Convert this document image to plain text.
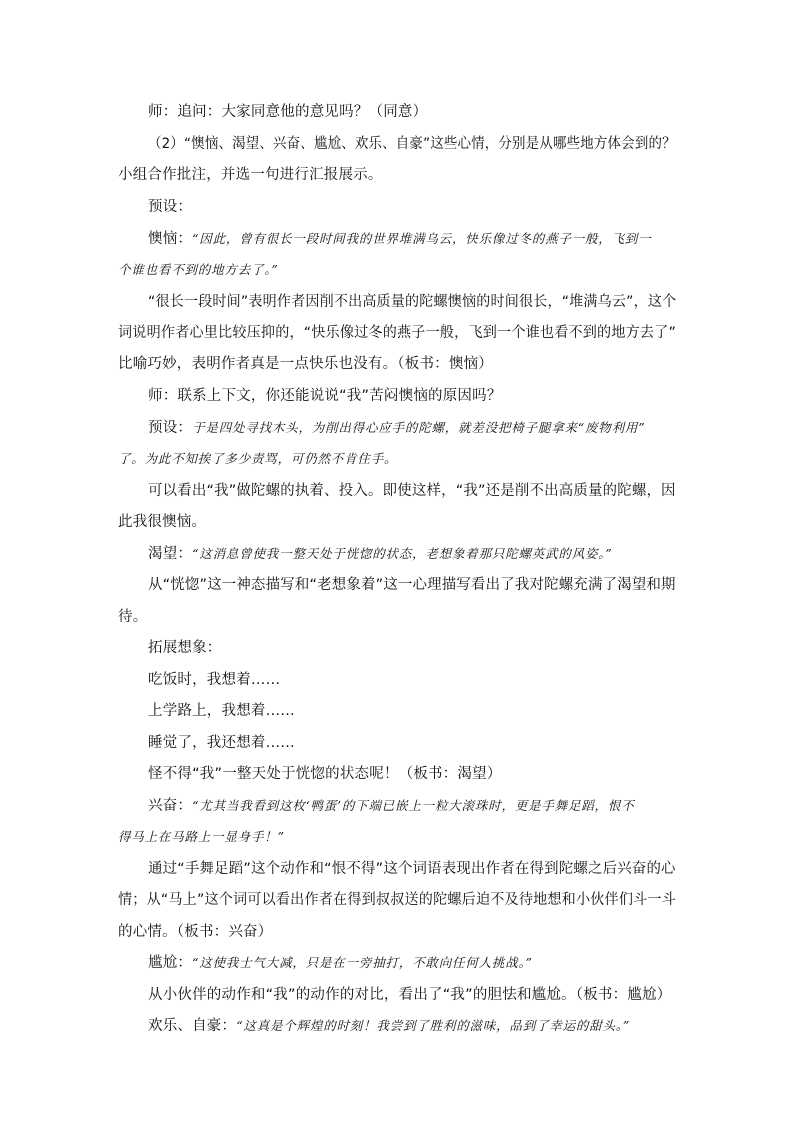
师：追问：大家同意他的意见吗？（同意）
（2）“懊恼、渴望、兴奋、尴尬、欢乐、自豪”这些心情，分别是从哪些地方体会到的？
小组合作批注，并选一句进行汇报展示。
预设：
懊恼：“因此，曾有很长一段时间我的世界堆满乌云，快乐像过冬的燕子一般，飞到一
个谁也看不到的地方去了。”
“很长一段时间”表明作者因削不出高质量的陀螺懊恼的时间很长，“堆满乌云”，这个
词说明作者心里比较压抑的，“快乐像过冬的燕子一般，飞到一个谁也看不到的地方去了”
比喻巧妙，表明作者真是一点快乐也没有。（板书：懊恼）
师：联系上下文，你还能说说“我”苦闷懊恼的原因吗？
预设：于是四处寻找木头，为削出得心应手的陀螺，就差没把椅子腿拿来“废物利用”
了。为此不知挨了多少责骂，可仍然不肯住手。
可以看出“我”做陀螺的执着、投入。即使这样，“我”还是削不出高质量的陀螺，因
此我很懊恼。
渴望：“这消息曾使我一整天处于恍惚的状态，老想象着那只陀螺英武的风姿。”
从“恍惚”这一神态描写和“老想象着”这一心理描写看出了我对陀螺充满了渴望和期
待。
拓展想象：
吃饭时，我想着……
上学路上，我想着……
睡觉了，我还想着……
怪不得“我”一整天处于恍惚的状态呢！（板书：渴望）
兴奋：“尤其当我看到这枚‘鸭蛋’的下端已嵌上一粒大滚珠时，更是手舞足蹈，恨不
得马上在马路上一显身手！”
通过“手舞足蹈”这个动作和“恨不得”这个词语表现出作者在得到陀螺之后兴奋的心
情；从“马上”这个词可以看出作者在得到叔叔送的陀螺后迫不及待地想和小伙伴们斗一斗
的心情。（板书：兴奋）
尴尬：“这使我士气大减，只是在一旁抽打，不敢向任何人挑战。”
从小伙伴的动作和“我”的动作的对比，看出了“我”的胆怯和尴尬。（板书：尴尬）
欢乐、自豪：“这真是个辉煌的时刻！我尝到了胜利的滋味，品到了幸运的甜头。”
